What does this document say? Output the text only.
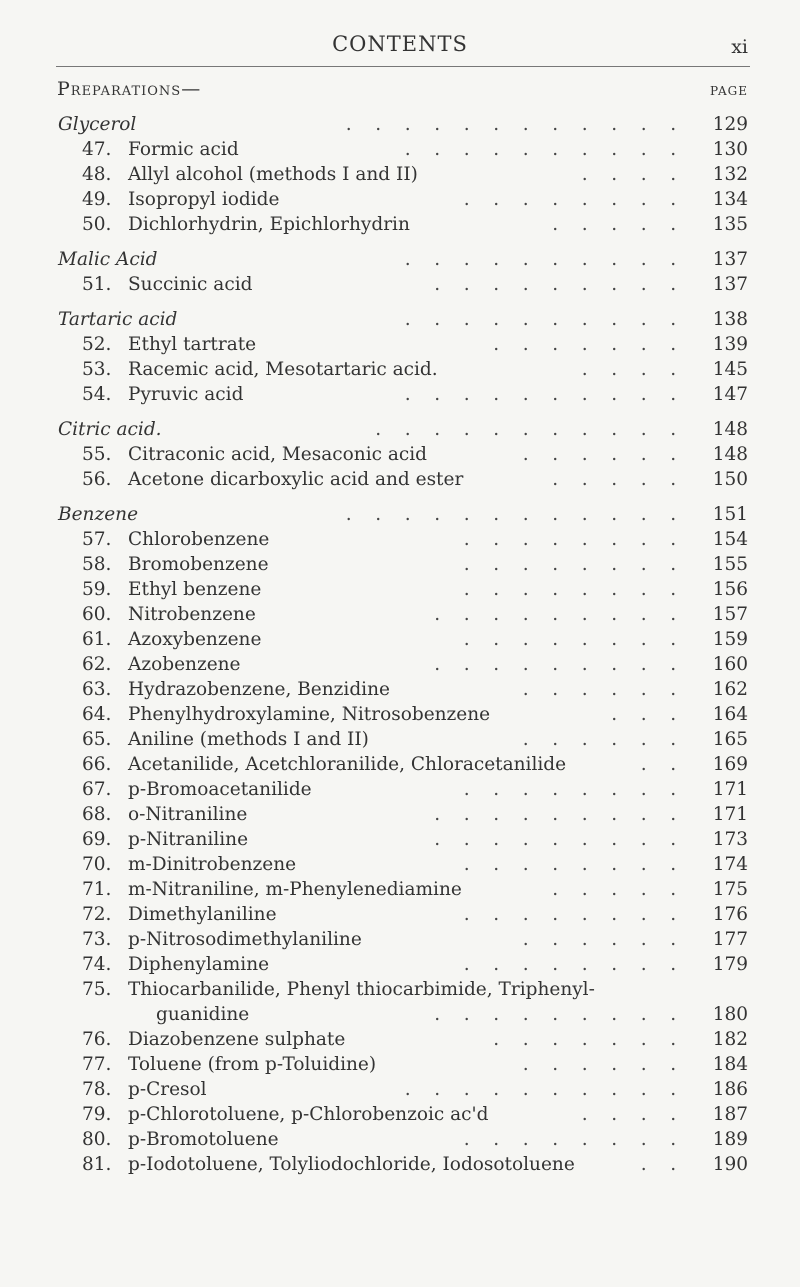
CONTENTS	xi
Preparations—	PAGE
Glycerol	. . . . . . . . . . . .	129
47. Formic acid	. . . . . . . . . .	130
48. Allyl alcohol (methods I and II)	. . . .	132
49. Isopropyl iodide	. . . . . . . .	134
50. Dichlorhydrin, Epichlorhydrin	. . . . .	135
Malic Acid	. . . . . . . . . .	137
51. Succinic acid	. . . . . . . . .	137
Tartaric acid	. . . . . . . . . .	138
52. Ethyl tartrate	. . . . . . .	139
53. Racemic acid, Mesotartaric acid.	. . . .	145
54. Pyruvic acid	. . . . . . . . . .	147
Citric acid.	. . . . . . . . . . .	148
55. Citraconic acid, Mesaconic acid	. . . . . .	148
56. Acetone dicarboxylic acid and ester	. . . . .	150
Benzene	. . . . . . . . . . . .	151
57. Chlorobenzene	. . . . . . . .	154
58. Bromobenzene	. . . . . . . .	155
59. Ethyl benzene	. . . . . . . .	156
60. Nitrobenzene	. . . . . . . . .	157
61. Azoxybenzene	. . . . . . . .	159
62. Azobenzene	. . . . . . . . .	160
63. Hydrazobenzene, Benzidine	. . . . . .	162
64. Phenylhydroxylamine, Nitrosobenzene	. . .	164
65. Aniline (methods I and II)	. . . . . .	165
66. Acetanilide, Acetchloranilide, Chloracetanilide	. .	169
67. p-Bromoacetanilide	. . . . . . . .	171
68. o-Nitraniline	. . . . . . . . .	171
69. p-Nitraniline	. . . . . . . . .	173
70. m-Dinitrobenzene	. . . . . . . .	174
71. m-Nitraniline, m-Phenylenediamine	. . . . .	175
72. Dimethylaniline	. . . . . . . .	176
73. p-Nitrosodimethylaniline	. . . . . .	177
74. Diphenylamine	. . . . . . . .	179
75. Thiocarbanilide, Phenyl thiocarbimide, Triphenyl-
guanidine	. . . . . . . . .	180
76. Diazobenzene sulphate	. . . . . . .	182
77. Toluene (from p-Toluidine)	. . . . . .	184
78. p-Cresol	. . . . . . . . . .	186
79. p-Chlorotoluene, p-Chlorobenzoic ac'd	. . . .	187
80. p-Bromotoluene	. . . . . . . .	189
81. p-Iodotoluene, Tolyliodochloride, Iodosotoluene	. .	190
